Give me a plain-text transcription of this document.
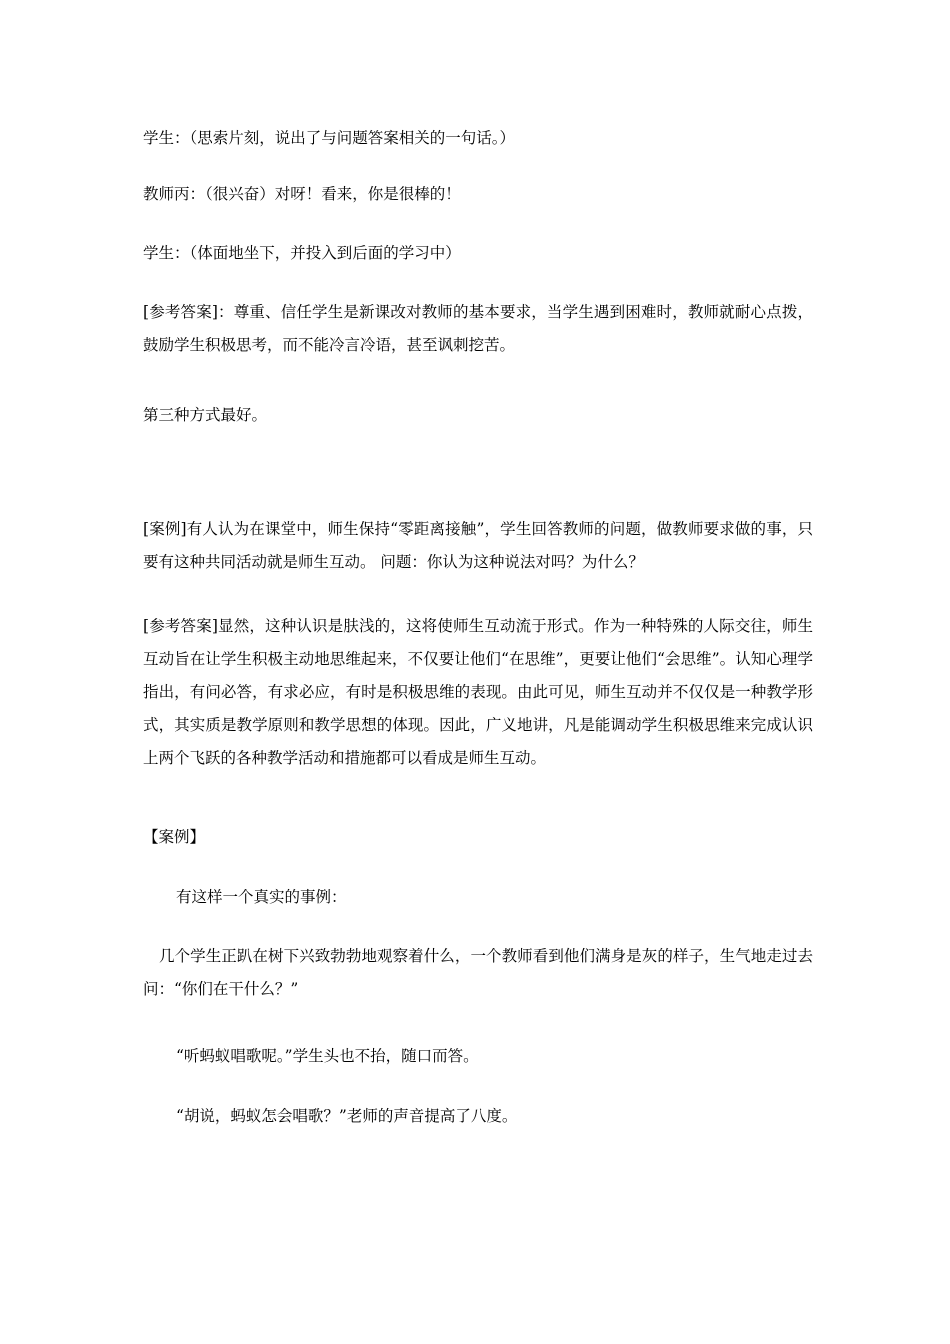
学生：（思索片刻，说出了与问题答案相关的一句话。）

教师丙：（很兴奋）对呀！看来，你是很棒的！

学生：（体面地坐下，并投入到后面的学习中）

[参考答案]：尊重、信任学生是新课改对教师的基本要求，当学生遇到困难时，教师就耐心点拨，鼓励学生积极思考，而不能冷言冷语，甚至讽刺挖苦。

第三种方式最好。

[案例]有人认为在课堂中，师生保持“零距离接触”，学生回答教师的问题，做教师要求做的事，只要有这种共同活动就是师生互动。 问题：你认为这种说法对吗？为什么？

[参考答案]显然，这种认识是肤浅的，这将使师生互动流于形式。作为一种特殊的人际交往，师生互动旨在让学生积极主动地思维起来，不仅要让他们“在思维”，更要让他们“会思维”。认知心理学指出，有问必答，有求必应，有时是积极思维的表现。由此可见，师生互动并不仅仅是一种教学形式，其实质是教学原则和教学思想的体现。因此，广义地讲，凡是能调动学生积极思维来完成认识上两个飞跃的各种教学活动和措施都可以看成是师生互动。

【案例】

有这样一个真实的事例：

几个学生正趴在树下兴致勃勃地观察着什么，一个教师看到他们满身是灰的样子，生气地走过去问：“你们在干什么？”

“听蚂蚁唱歌呢。”学生头也不抬，随口而答。

“胡说，蚂蚁怎会唱歌？”老师的声音提高了八度。
